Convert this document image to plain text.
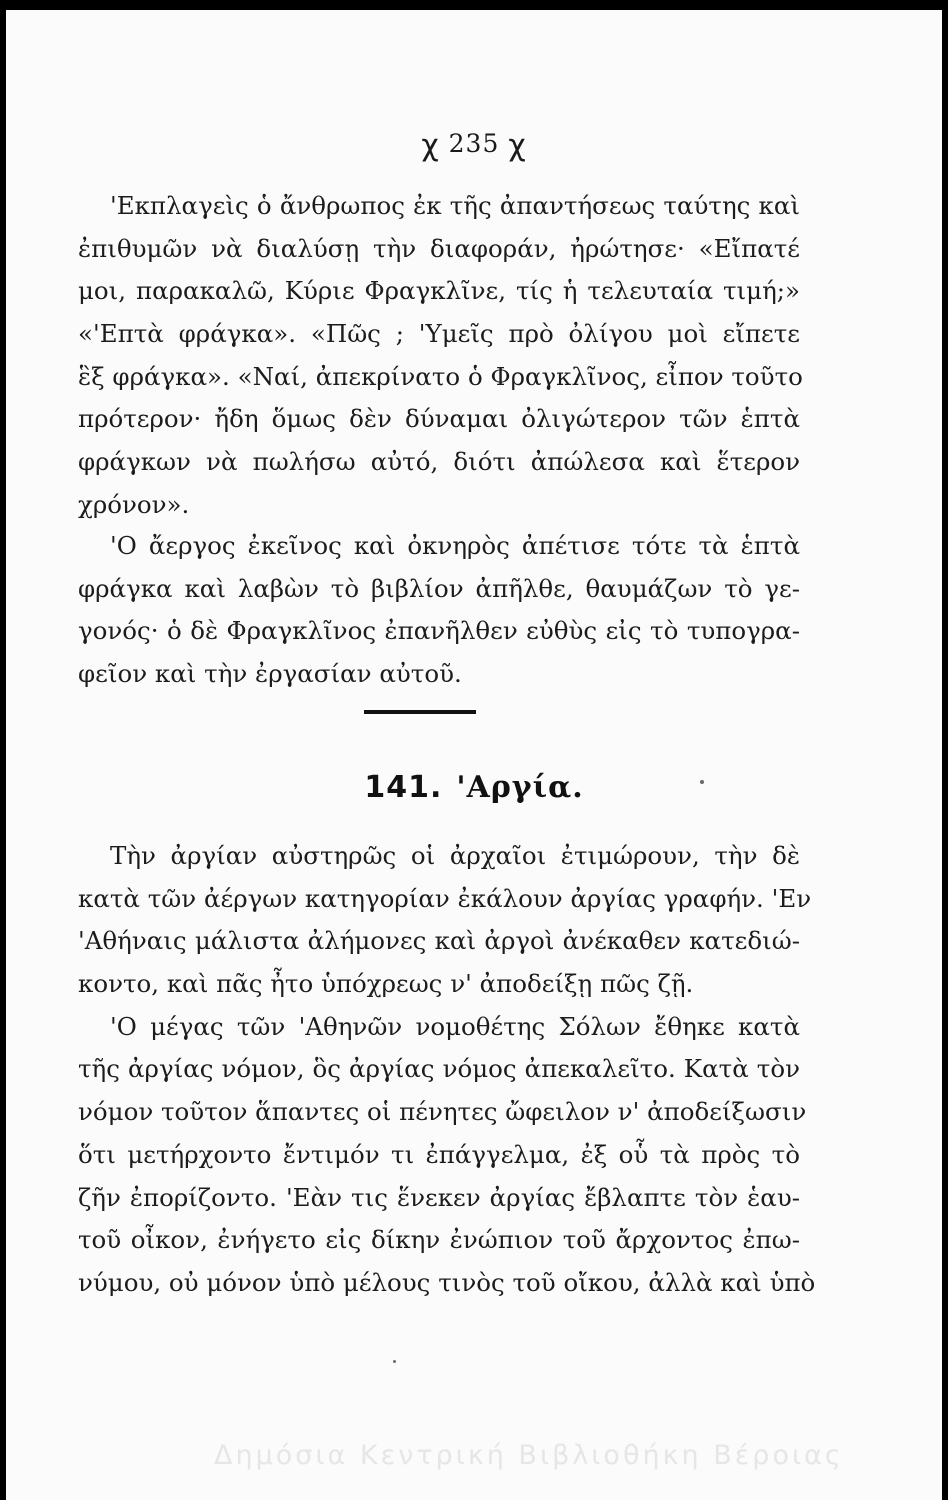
χ 235 χ
'Εκπλαγεὶς ὁ ἄνθρωπος ἐκ τῆς ἀπαντήσεως ταύτης καὶ
ἐπιθυμῶν νὰ διαλύσῃ τὴν διαφοράν, ἠρώτησε· «Εἴπατέ
μοι, παρακαλῶ, Κύριε Φραγκλῖνε, τίς ἡ τελευταία τιμή;»
«'Επτὰ φράγκα». «Πῶς ; 'Υμεῖς πρὸ ὀλίγου μοὶ εἴπετε
ἓξ φράγκα». «Ναί, ἀπεκρίνατο ὁ Φραγκλῖνος, εἶπον τοῦτο
πρότερον· ἤδη ὅμως δὲν δύναμαι ὀλιγώτερον τῶν ἑπτὰ
φράγκων νὰ πωλήσω αὐτό, διότι ἀπώλεσα καὶ ἕτερον
χρόνον».
'Ο ἄεργος ἐκεῖνος καὶ ὀκνηρὸς ἀπέτισε τότε τὰ ἑπτὰ
φράγκα καὶ λαβὼν τὸ βιβλίον ἀπῆλθε, θαυμάζων τὸ γε-
γονός· ὁ δὲ Φραγκλῖνος ἐπανῆλθεν εὐθὺς εἰς τὸ τυπογρα-
φεῖον καὶ τὴν ἐργασίαν αὐτοῦ.
141. 'Αργία.
Τὴν ἀργίαν αὐστηρῶς οἱ ἀρχαῖοι ἐτιμώρουν, τὴν δὲ
κατὰ τῶν ἀέργων κατηγορίαν ἐκάλουν ἀργίας γραφήν. 'Εν
'Αθήναις μάλιστα ἀλήμονες καὶ ἀργοὶ ἀνέκαθεν κατεδιώ-
κοντο, καὶ πᾶς ἦτο ὑπόχρεως ν' ἀποδείξῃ πῶς ζῇ.
'Ο μέγας τῶν 'Αθηνῶν νομοθέτης Σόλων ἔθηκε κατὰ
τῆς ἀργίας νόμον, ὃς ἀργίας νόμος ἀπεκαλεῖτο. Κατὰ τὸν
νόμον τοῦτον ἅπαντες οἱ πένητες ὤφειλον ν' ἀποδείξωσιν
ὅτι μετήρχοντο ἔντιμόν τι ἐπάγγελμα, ἐξ οὗ τὰ πρὸς τὸ
ζῆν ἐπορίζοντο. 'Εὰν τις ἕνεκεν ἀργίας ἔβλαπτε τὸν ἑαυ-
τοῦ οἶκον, ἐνήγετο εἰς δίκην ἐνώπιον τοῦ ἄρχοντος ἐπω-
νύμου, οὐ μόνον ὑπὸ μέλους τινὸς τοῦ οἴκου, ἀλλὰ καὶ ὑπὸ
Δημόσια Κεντρική Βιβλιοθήκη Βέροιας
